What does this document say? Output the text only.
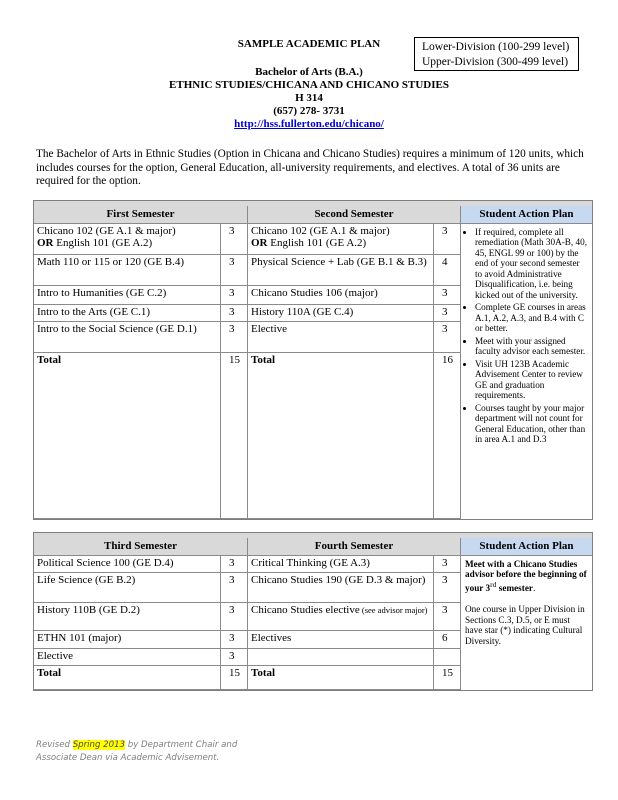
SAMPLE ACADEMIC PLAN
Bachelor of Arts (B.A.)
ETHNIC STUDIES/CHICANA AND CHICANO STUDIES
H 314
(657) 278- 3731
http://hss.fullerton.edu/chicano/
Lower-Division (100-299 level)
Upper-Division (300-499 level)
The Bachelor of Arts in Ethnic Studies (Option in Chicana and Chicano Studies) requires a minimum of 120 units, which includes courses for the option, General Education, all-university requirements, and electives. A total of 36 units are required for the option.
First Semester	Second Semester	Student Action Plan
Chicano 102 (GE A.1 & major)
OR English 101 (GE A.2)
3	Chicano 102 (GE A.1 & major)
OR English 101 (GE A.2)
3
Math 110 or 115 or 120 (GE B.4)	3	Physical Science + Lab (GE B.1 & B.3)	4
Intro to Humanities (GE C.2)	3	Chicano Studies 106 (major)	3
Intro to the Arts (GE C.1)	3	History 110A (GE C.4)	3
Intro to the Social Science (GE D.1)	3	Elective	3
Total	15	Total	16
• If required, complete all remediation (Math 30A-B, 40, 45, ENGL 99 or 100) by the end of your second semester to avoid Administrative Disqualification, i.e. being kicked out of the university.
• Complete GE courses in areas A.1, A.2, A.3, and B.4 with C or better.
• Meet with your assigned faculty advisor each semester.
• Visit UH 123B Academic Advisement Center to review GE and graduation requirements.
• Courses taught by your major department will not count for General Education, other than in area A.1 and D.3
Third Semester	Fourth Semester	Student Action Plan
Political Science 100 (GE D.4)	3	Critical Thinking (GE A.3)	3
Life Science (GE B.2)	3	Chicano Studies 190 (GE D.3 & major)	3
History 110B (GE D.2)	3	Chicano Studies elective (see advisor major)	3
ETHN 101 (major)	3	Electives	6
Elective	3
Total	15	Total	15
Meet with a Chicano Studies advisor before the beginning of your 3rd semester.
One course in Upper Division in Sections C.3, D.5, or E must have star (*) indicating Cultural Diversity.
Revised Spring 2013 by Department Chair and
Associate Dean via Academic Advisement.
